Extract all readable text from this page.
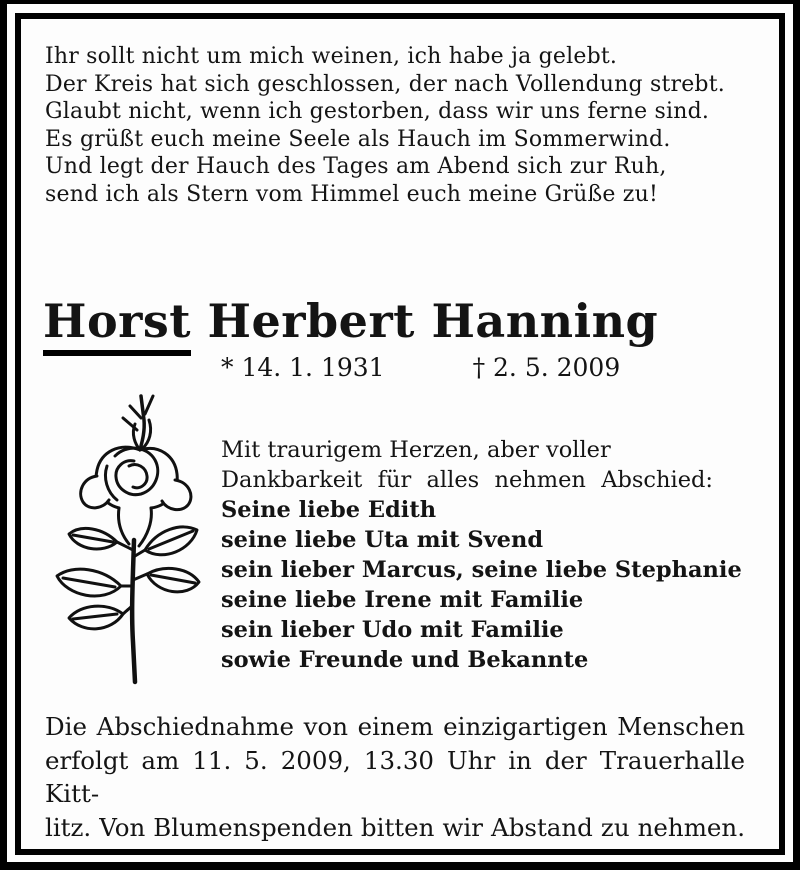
Ihr sollt nicht um mich weinen, ich habe ja gelebt.
Der Kreis hat sich geschlossen, der nach Vollendung strebt.
Glaubt nicht, wenn ich gestorben, dass wir uns ferne sind.
Es grüßt euch meine Seele als Hauch im Sommerwind.
Und legt der Hauch des Tages am Abend sich zur Ruh,
send ich als Stern vom Himmel euch meine Grüße zu!
Horst Herbert Hanning
* 14. 1. 1931	† 2. 5. 2009
Mit traurigem Herzen, aber voller
Dankbarkeit für alles nehmen Abschied:
Seine liebe Edith
seine liebe Uta mit Svend
sein lieber Marcus, seine liebe Stephanie
seine liebe Irene mit Familie
sein lieber Udo mit Familie
sowie Freunde und Bekannte
Die Abschiednahme von einem einzigartigen Menschen
erfolgt am 11. 5. 2009, 13.30 Uhr in der Trauerhalle Kitt-
litz. Von Blumenspenden bitten wir Abstand zu nehmen.
